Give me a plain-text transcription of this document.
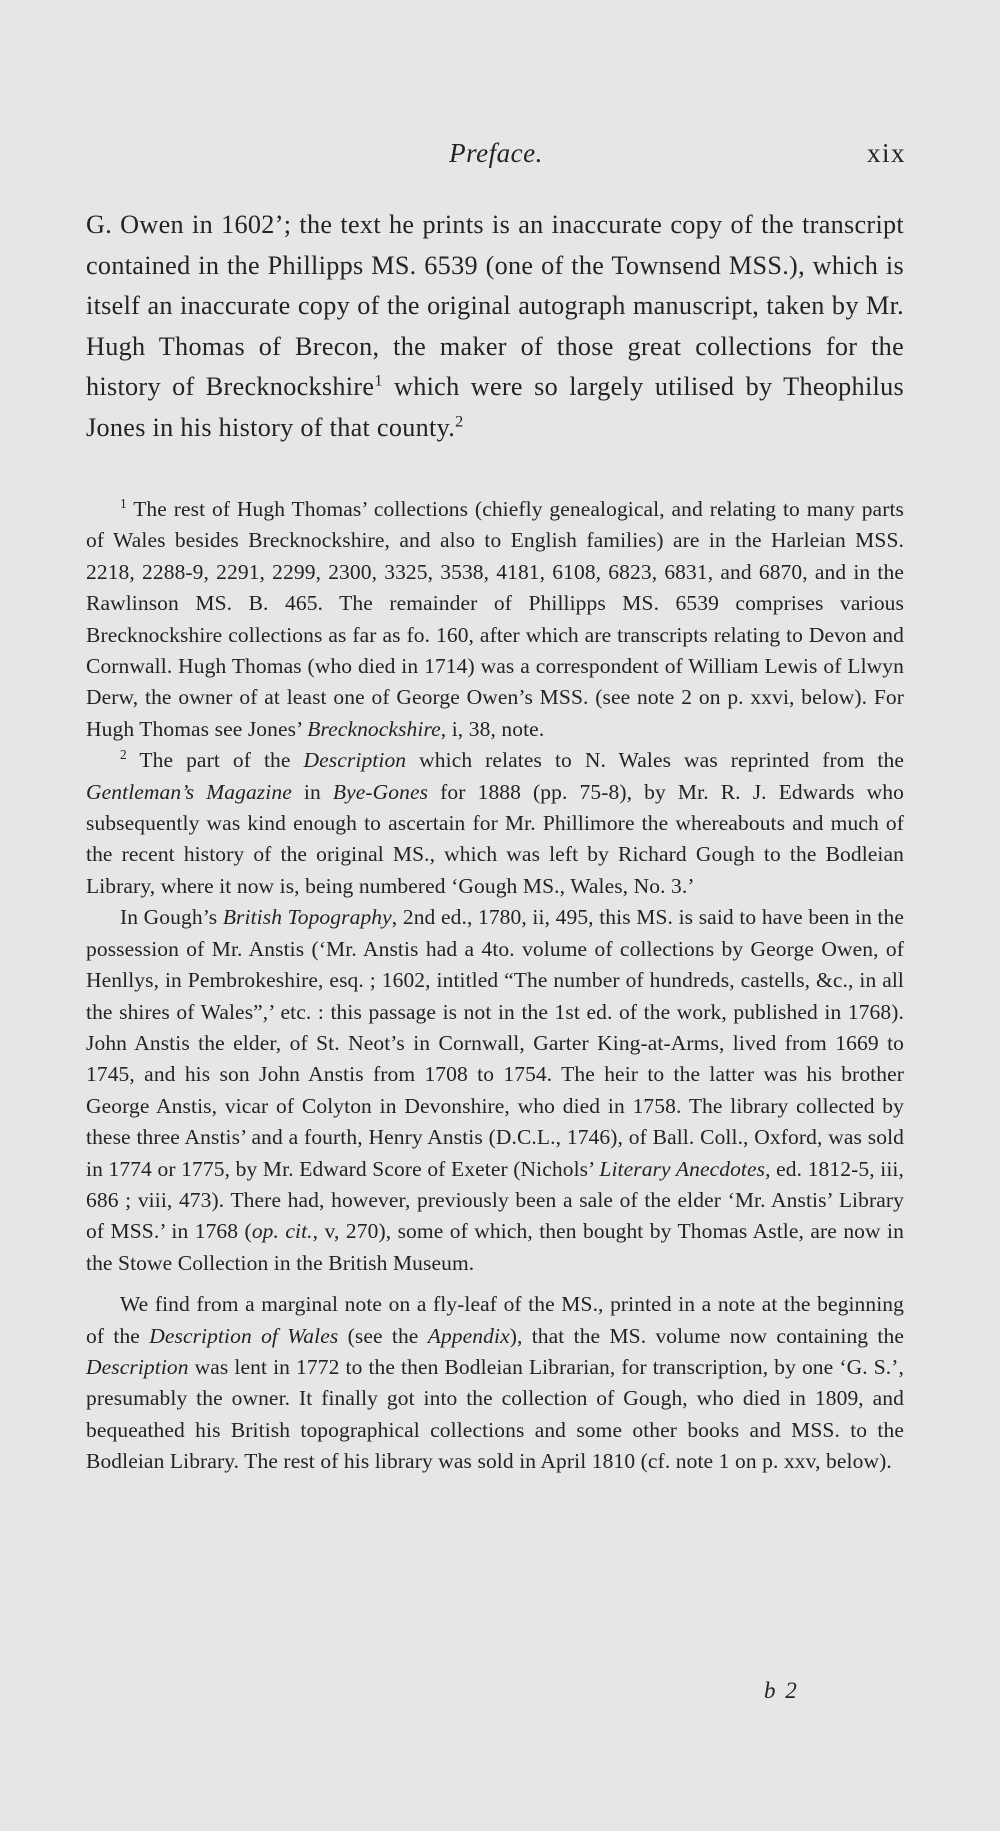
Preface.	xix

G. Owen in 1602’; the text he prints is an inaccurate copy of the transcript contained in the Phillipps MS. 6539 (one of the Townsend MSS.), which is itself an inaccurate copy of the original autograph manuscript, taken by Mr. Hugh Thomas of Brecon, the maker of those great collections for the history of Brecknockshire$^1$ which were so largely utilised by Theophilus Jones in his history of that county.$^2$

$^1$ The rest of Hugh Thomas’ collections (chiefly genealogical, and relating to many parts of Wales besides Brecknockshire, and also to English families) are in the Harleian MSS. 2218, 2288-9, 2291, 2299, 2300, 3325, 3538, 4181, 6108, 6823, 6831, and 6870, and in the Rawlinson MS. B. 465. The remainder of Phillipps MS. 6539 comprises various Brecknockshire collections as far as fo. 160, after which are transcripts relating to Devon and Cornwall. Hugh Thomas (who died in 1714) was a correspondent of William Lewis of Llwyn Derw, the owner of at least one of George Owen’s MSS. (see note 2 on p. xxvi, below). For Hugh Thomas see Jones’ Brecknockshire, i, 38, note.

$^2$ The part of the Description which relates to N. Wales was reprinted from the Gentleman’s Magazine in Bye-Gones for 1888 (pp. 75-8), by Mr. R. J. Edwards who subsequently was kind enough to ascertain for Mr. Phillimore the whereabouts and much of the recent history of the original MS., which was left by Richard Gough to the Bodleian Library, where it now is, being numbered ‘Gough MS., Wales, No. 3.’

In Gough’s British Topography, 2nd ed., 1780, ii, 495, this MS. is said to have been in the possession of Mr. Anstis (‘Mr. Anstis had a 4to. volume of collections by George Owen, of Henllys, in Pembrokeshire, esq. ; 1602, intitled “The number of hundreds, castells, &c., in all the shires of Wales”,’ etc. : this passage is not in the 1st ed. of the work, published in 1768). John Anstis the elder, of St. Neot’s in Cornwall, Garter King-at-Arms, lived from 1669 to 1745, and his son John Anstis from 1708 to 1754. The heir to the latter was his brother George Anstis, vicar of Colyton in Devonshire, who died in 1758. The library collected by these three Anstis’ and a fourth, Henry Anstis (D.C.L., 1746), of Ball. Coll., Oxford, was sold in 1774 or 1775, by Mr. Edward Score of Exeter (Nichols’ Literary Anecdotes, ed. 1812-5, iii, 686 ; viii, 473). There had, however, previously been a sale of the elder ‘Mr. Anstis’ Library of MSS.’ in 1768 (op. cit., v, 270), some of which, then bought by Thomas Astle, are now in the Stowe Collection in the British Museum.

We find from a marginal note on a fly-leaf of the MS., printed in a note at the beginning of the Description of Wales (see the Appendix), that the MS. volume now containing the Description was lent in 1772 to the then Bodleian Librarian, for transcription, by one ‘G. S.’, presumably the owner. It finally got into the collection of Gough, who died in 1809, and bequeathed his British topographical collections and some other books and MSS. to the Bodleian Library. The rest of his library was sold in April 1810 (cf. note 1 on p. xxv, below).

b 2
